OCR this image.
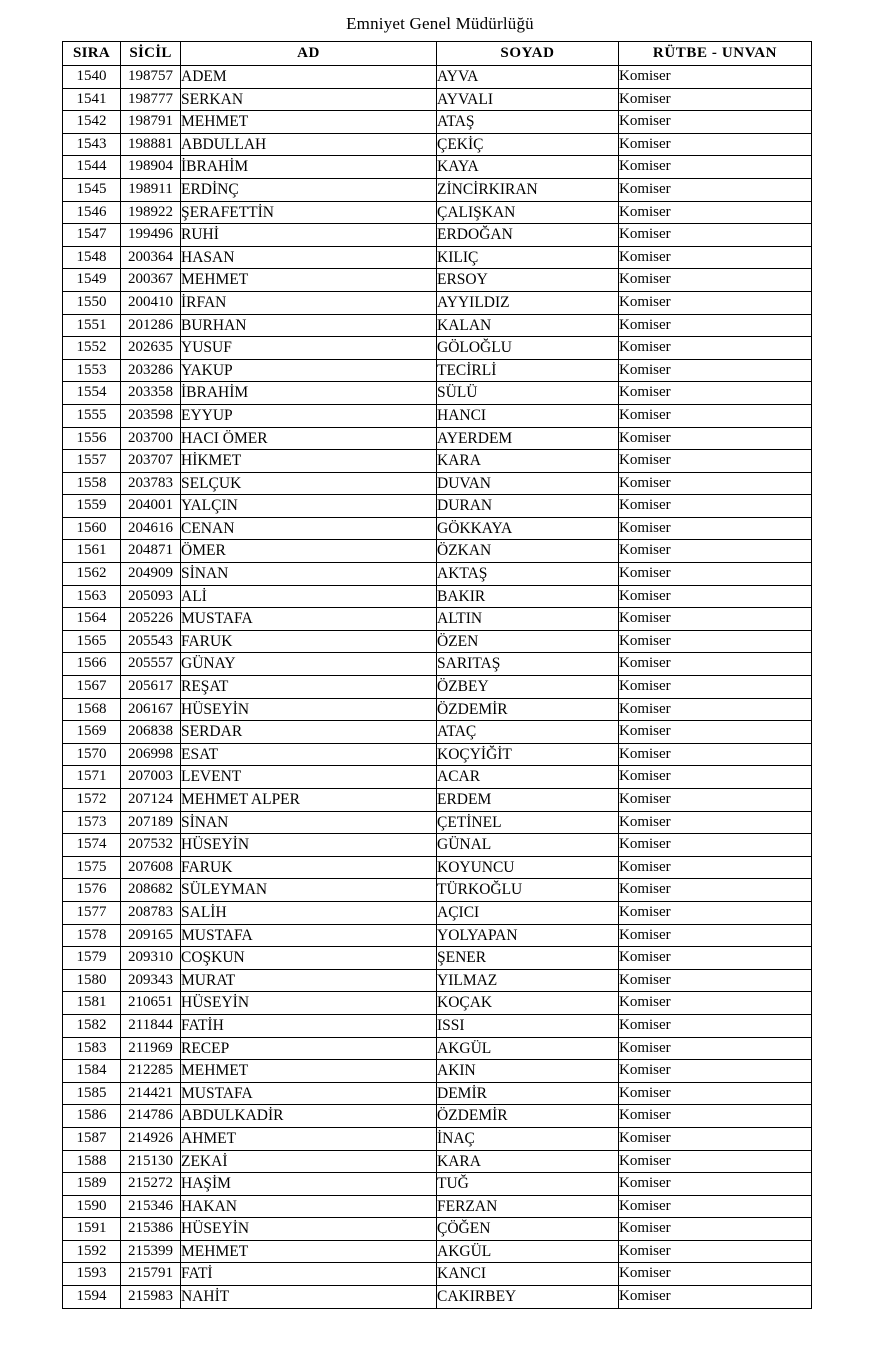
Emniyet Genel Müdürlüğü
SIRA	SİCİL	AD	SOYAD	RÜTBE - UNVAN
1540	198757	ADEM	AYVA	Komiser
1541	198777	SERKAN	AYVALI	Komiser
1542	198791	MEHMET	ATAŞ	Komiser
1543	198881	ABDULLAH	ÇEKİÇ	Komiser
1544	198904	İBRAHİM	KAYA	Komiser
1545	198911	ERDİNÇ	ZİNCİRKIRAN	Komiser
1546	198922	ŞERAFETTİN	ÇALIŞKAN	Komiser
1547	199496	RUHİ	ERDOĞAN	Komiser
1548	200364	HASAN	KILIÇ	Komiser
1549	200367	MEHMET	ERSOY	Komiser
1550	200410	İRFAN	AYYILDIZ	Komiser
1551	201286	BURHAN	KALAN	Komiser
1552	202635	YUSUF	GÖLOĞLU	Komiser
1553	203286	YAKUP	TECİRLİ	Komiser
1554	203358	İBRAHİM	SÜLÜ	Komiser
1555	203598	EYYUP	HANCI	Komiser
1556	203700	HACI ÖMER	AYERDEM	Komiser
1557	203707	HİKMET	KARA	Komiser
1558	203783	SELÇUK	DUVAN	Komiser
1559	204001	YALÇIN	DURAN	Komiser
1560	204616	CENAN	GÖKKAYA	Komiser
1561	204871	ÖMER	ÖZKAN	Komiser
1562	204909	SİNAN	AKTAŞ	Komiser
1563	205093	ALİ	BAKIR	Komiser
1564	205226	MUSTAFA	ALTIN	Komiser
1565	205543	FARUK	ÖZEN	Komiser
1566	205557	GÜNAY	SARITAŞ	Komiser
1567	205617	REŞAT	ÖZBEY	Komiser
1568	206167	HÜSEYİN	ÖZDEMİR	Komiser
1569	206838	SERDAR	ATAÇ	Komiser
1570	206998	ESAT	KOÇYİĞİT	Komiser
1571	207003	LEVENT	ACAR	Komiser
1572	207124	MEHMET ALPER	ERDEM	Komiser
1573	207189	SİNAN	ÇETİNEL	Komiser
1574	207532	HÜSEYİN	GÜNAL	Komiser
1575	207608	FARUK	KOYUNCU	Komiser
1576	208682	SÜLEYMAN	TÜRKOĞLU	Komiser
1577	208783	SALİH	AÇICI	Komiser
1578	209165	MUSTAFA	YOLYAPAN	Komiser
1579	209310	COŞKUN	ŞENER	Komiser
1580	209343	MURAT	YILMAZ	Komiser
1581	210651	HÜSEYİN	KOÇAK	Komiser
1582	211844	FATİH	ISSI	Komiser
1583	211969	RECEP	AKGÜL	Komiser
1584	212285	MEHMET	AKIN	Komiser
1585	214421	MUSTAFA	DEMİR	Komiser
1586	214786	ABDULKADİR	ÖZDEMİR	Komiser
1587	214926	AHMET	İNAÇ	Komiser
1588	215130	ZEKAİ	KARA	Komiser
1589	215272	HAŞİM	TUĞ	Komiser
1590	215346	HAKAN	FERZAN	Komiser
1591	215386	HÜSEYİN	ÇÖĞEN	Komiser
1592	215399	MEHMET	AKGÜL	Komiser
1593	215791	FATİ	KANCI	Komiser
1594	215983	NAHİT	CAKIRBEY	Komiser
